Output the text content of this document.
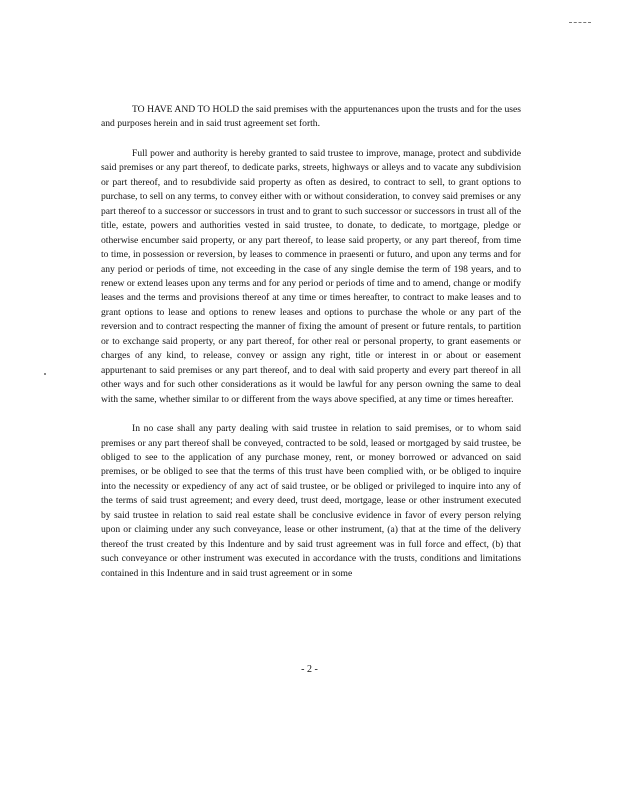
TO HAVE AND TO HOLD the said premises with the appurtenances upon the trusts and for the uses and purposes herein and in said trust agreement set forth.

Full power and authority is hereby granted to said trustee to improve, manage, protect and subdivide said premises or any part thereof, to dedicate parks, streets, highways or alleys and to vacate any subdivision or part thereof, and to resubdivide said property as often as desired, to contract to sell, to grant options to purchase, to sell on any terms, to convey either with or without consideration, to convey said premises or any part thereof to a successor or successors in trust and to grant to such successor or successors in trust all of the title, estate, powers and authorities vested in said trustee, to donate, to dedicate, to mortgage, pledge or otherwise encumber said property, or any part thereof, to lease said property, or any part thereof, from time to time, in possession or reversion, by leases to commence in praesenti or futuro, and upon any terms and for any period or periods of time, not exceeding in the case of any single demise the term of 198 years, and to renew or extend leases upon any terms and for any period or periods of time and to amend, change or modify leases and the terms and provisions thereof at any time or times hereafter, to contract to make leases and to grant options to lease and options to renew leases and options to purchase the whole or any part of the reversion and to contract respecting the manner of fixing the amount of present or future rentals, to partition or to exchange said property, or any part thereof, for other real or personal property, to grant easements or charges of any kind, to release, convey or assign any right, title or interest in or about or easement appurtenant to said premises or any part thereof, and to deal with said property and every part thereof in all other ways and for such other considerations as it would be lawful for any person owning the same to deal with the same, whether similar to or different from the ways above specified, at any time or times hereafter.

In no case shall any party dealing with said trustee in relation to said premises, or to whom said premises or any part thereof shall be conveyed, contracted to be sold, leased or mortgaged by said trustee, be obliged to see to the application of any purchase money, rent, or money borrowed or advanced on said premises, or be obliged to see that the terms of this trust have been complied with, or be obliged to inquire into the necessity or expediency of any act of said trustee, or be obliged or privileged to inquire into any of the terms of said trust agreement; and every deed, trust deed, mortgage, lease or other instrument executed by said trustee in relation to said real estate shall be conclusive evidence in favor of every person relying upon or claiming under any such conveyance, lease or other instrument, (a) that at the time of the delivery thereof the trust created by this Indenture and by said trust agreement was in full force and effect, (b) that such conveyance or other instrument was executed in accordance with the trusts, conditions and limitations contained in this Indenture and in said trust agreement or in some

- 2 -
